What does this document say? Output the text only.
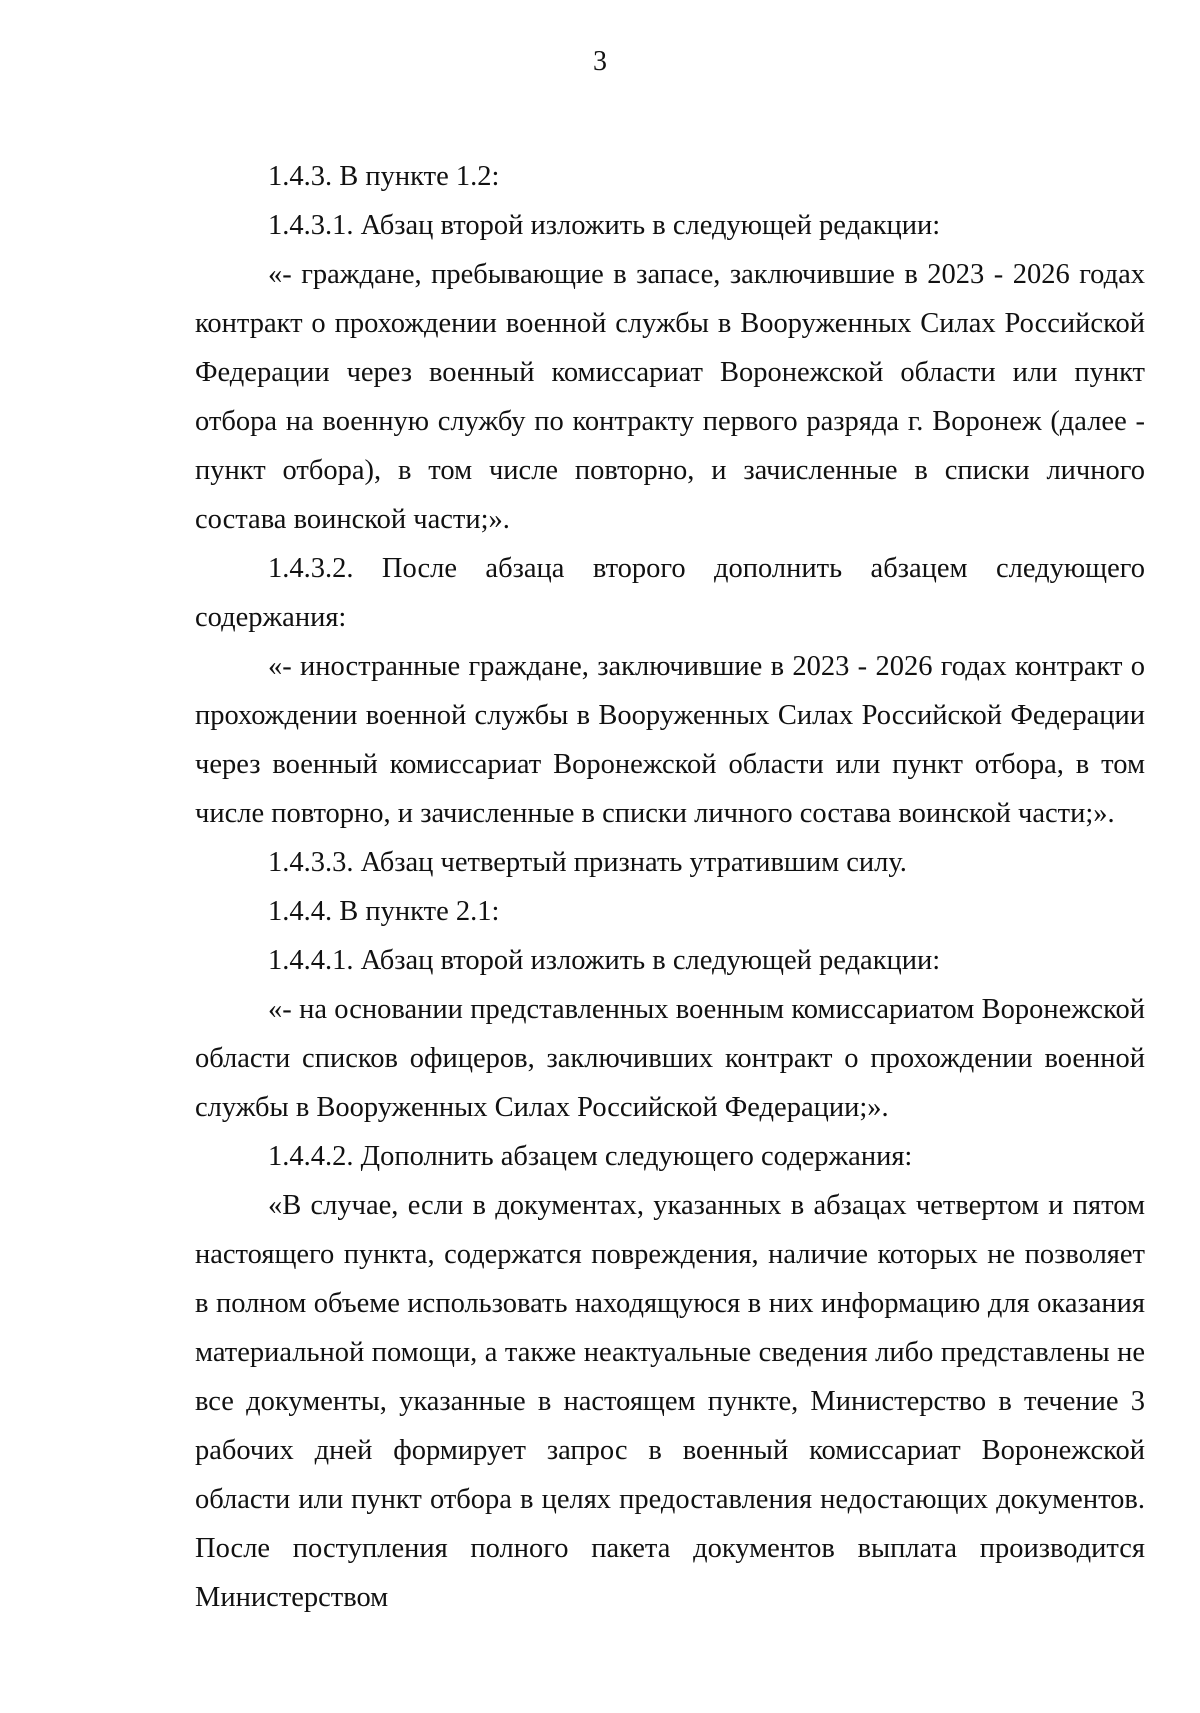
3

1.4.3. В пункте 1.2:

1.4.3.1. Абзац второй изложить в следующей редакции:

«- граждане, пребывающие в запасе, заключившие в 2023 - 2026 годах контракт о прохождении военной службы в Вооруженных Силах Российской Федерации через военный комиссариат Воронежской области или пункт отбора на военную службу по контракту первого разряда г. Воронеж (далее - пункт отбора), в том числе повторно, и зачисленные в списки личного состава воинской части;».

1.4.3.2. После абзаца второго дополнить абзацем следующего содержания:

«- иностранные граждане, заключившие в 2023 - 2026 годах контракт о прохождении военной службы в Вооруженных Силах Российской Федерации через военный комиссариат Воронежской области или пункт отбора, в том числе повторно, и зачисленные в списки личного состава воинской части;».

1.4.3.3. Абзац четвертый признать утратившим силу.

1.4.4. В пункте 2.1:

1.4.4.1. Абзац второй изложить в следующей редакции:

«- на основании представленных военным комиссариатом Воронежской области списков офицеров, заключивших контракт о прохождении военной службы в Вооруженных Силах Российской Федерации;».

1.4.4.2. Дополнить абзацем следующего содержания:

«В случае, если в документах, указанных в абзацах четвертом и пятом настоящего пункта, содержатся повреждения, наличие которых не позволяет в полном объеме использовать находящуюся в них информацию для оказания материальной помощи, а также неактуальные сведения либо представлены не все документы, указанные в настоящем пункте, Министерство в течение 3 рабочих дней формирует запрос в военный комиссариат Воронежской области или пункт отбора в целях предоставления недостающих документов. После поступления полного пакета документов выплата производится Министерством
